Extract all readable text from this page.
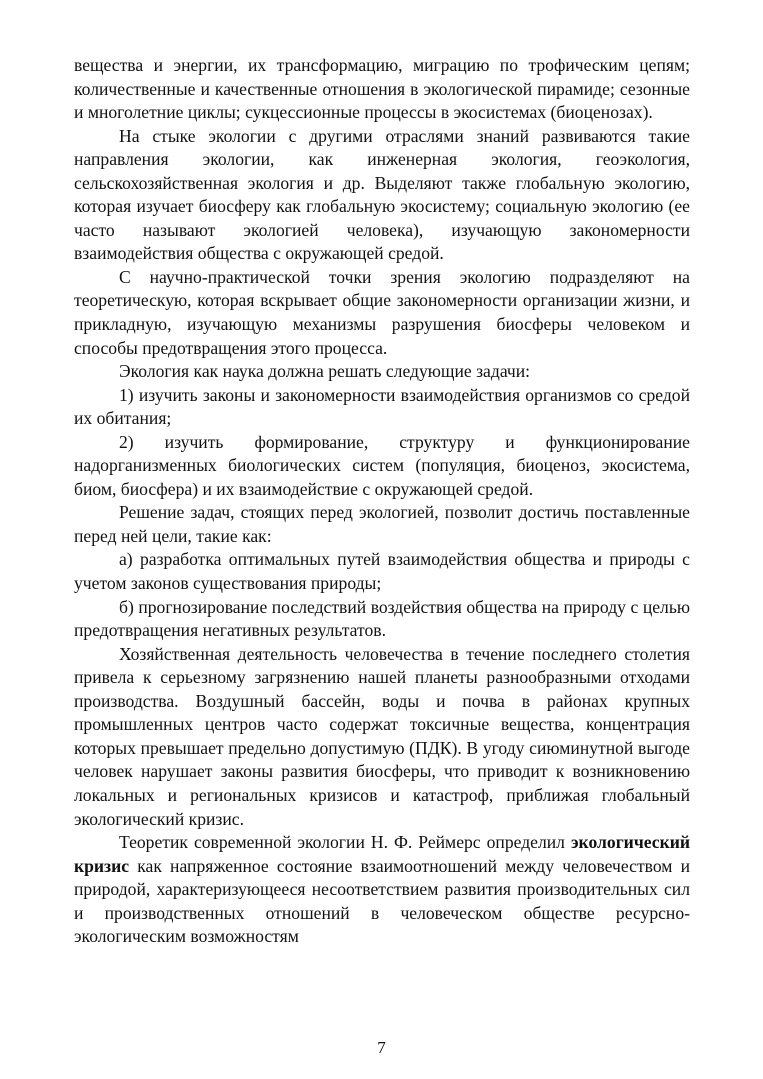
вещества и энергии, их трансформацию, миграцию по трофическим цепям; количественные и качественные отношения в экологической пирамиде; сезонные и многолетние циклы; сукцессионные процессы в экосистемах (биоценозах).

На стыке экологии с другими отраслями знаний развиваются такие направления экологии, как инженерная экология, геоэкология, сельскохозяйственная экология и др. Выделяют также глобальную экологию, которая изучает биосферу как глобальную экосистему; социальную экологию (ее часто называют экологией человека), изучающую закономерности взаимодействия общества с окружающей средой.

С научно-практической точки зрения экологию подразделяют на теоретическую, которая вскрывает общие закономерности организации жизни, и прикладную, изучающую механизмы разрушения биосферы человеком и способы предотвращения этого процесса.

Экология как наука должна решать следующие задачи:

1) изучить законы и закономерности взаимодействия организмов со средой их обитания;

2) изучить формирование, структуру и функционирование надорганизменных биологических систем (популяция, биоценоз, экосистема, биом, биосфера) и их взаимодействие с окружающей средой.

Решение задач, стоящих перед экологией, позволит достичь поставленные перед ней цели, такие как:

а) разработка оптимальных путей взаимодействия общества и природы с учетом законов существования природы;

б) прогнозирование последствий воздействия общества на природу с целью предотвращения негативных результатов.

Хозяйственная деятельность человечества в течение последнего столетия привела к серьезному загрязнению нашей планеты разнообразными отходами производства. Воздушный бассейн, воды и почва в районах крупных промышленных центров часто содержат токсичные вещества, концентрация которых превышает предельно допустимую (ПДК). В угоду сиюминутной выгоде человек нарушает законы развития биосферы, что приводит к возникновению локальных и региональных кризисов и катастроф, приближая глобальный экологический кризис.

Теоретик современной экологии Н. Ф. Реймерс определил экологический кризис как напряженное состояние взаимоотношений между человечеством и природой, характеризующееся несоответствием развития производительных сил и производственных отношений в человеческом обществе ресурсно-экологическим возможностям

7
